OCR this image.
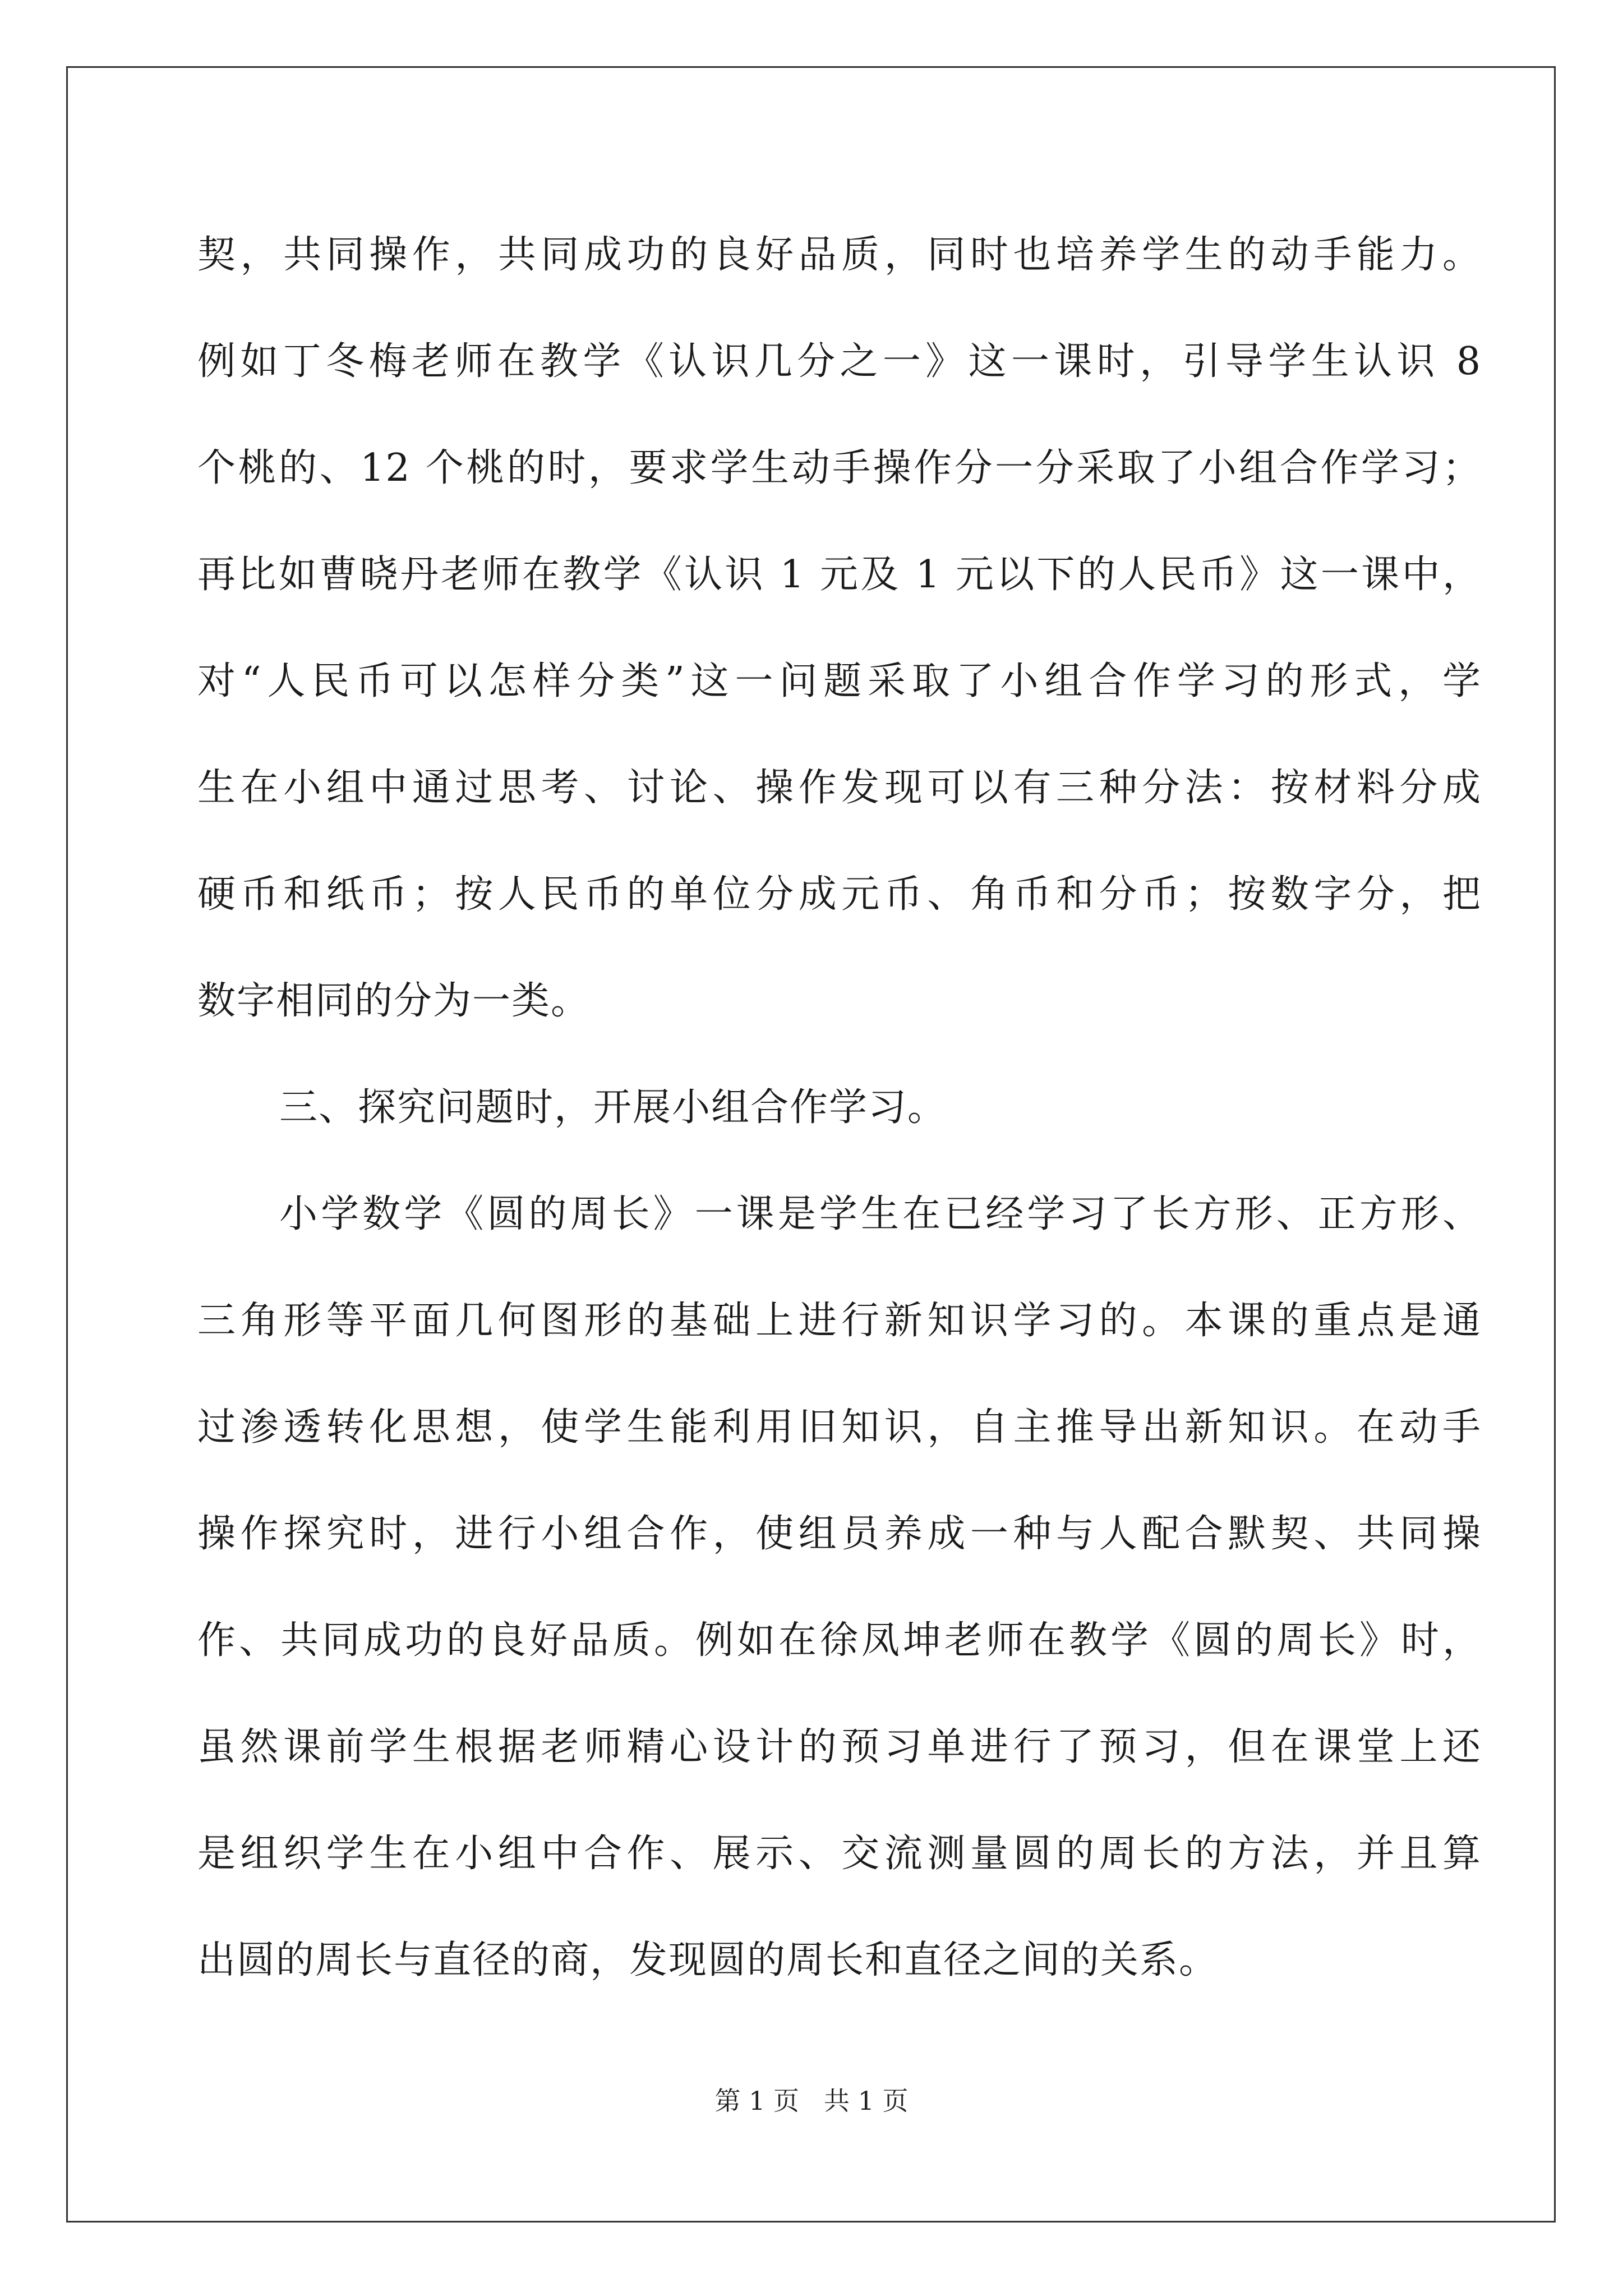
契，共同操作，共同成功的良好品质，同时也培养学生的动手能力。
例如丁冬梅老师在教学《认识几分之一》这一课时，引导学生认识 8
个桃的、12 个桃的时，要求学生动手操作分一分采取了小组合作学习；
再比如曹晓丹老师在教学《认识 1 元及 1 元以下的人民币》这一课中，
对“人民币可以怎样分类”这一问题采取了小组合作学习的形式，学
生在小组中通过思考、讨论、操作发现可以有三种分法：按材料分成
硬币和纸币；按人民币的单位分成元币、角币和分币；按数字分，把
数字相同的分为一类。
三、探究问题时，开展小组合作学习。
小学数学《圆的周长》一课是学生在已经学习了长方形、正方形、
三角形等平面几何图形的基础上进行新知识学习的。本课的重点是通
过渗透转化思想，使学生能利用旧知识，自主推导出新知识。在动手
操作探究时，进行小组合作，使组员养成一种与人配合默契、共同操
作、共同成功的良好品质。例如在徐凤坤老师在教学《圆的周长》时，
虽然课前学生根据老师精心设计的预习单进行了预习，但在课堂上还
是组织学生在小组中合作、展示、交流测量圆的周长的方法，并且算
出圆的周长与直径的商，发现圆的周长和直径之间的关系。
第 1 页 共 1 页
